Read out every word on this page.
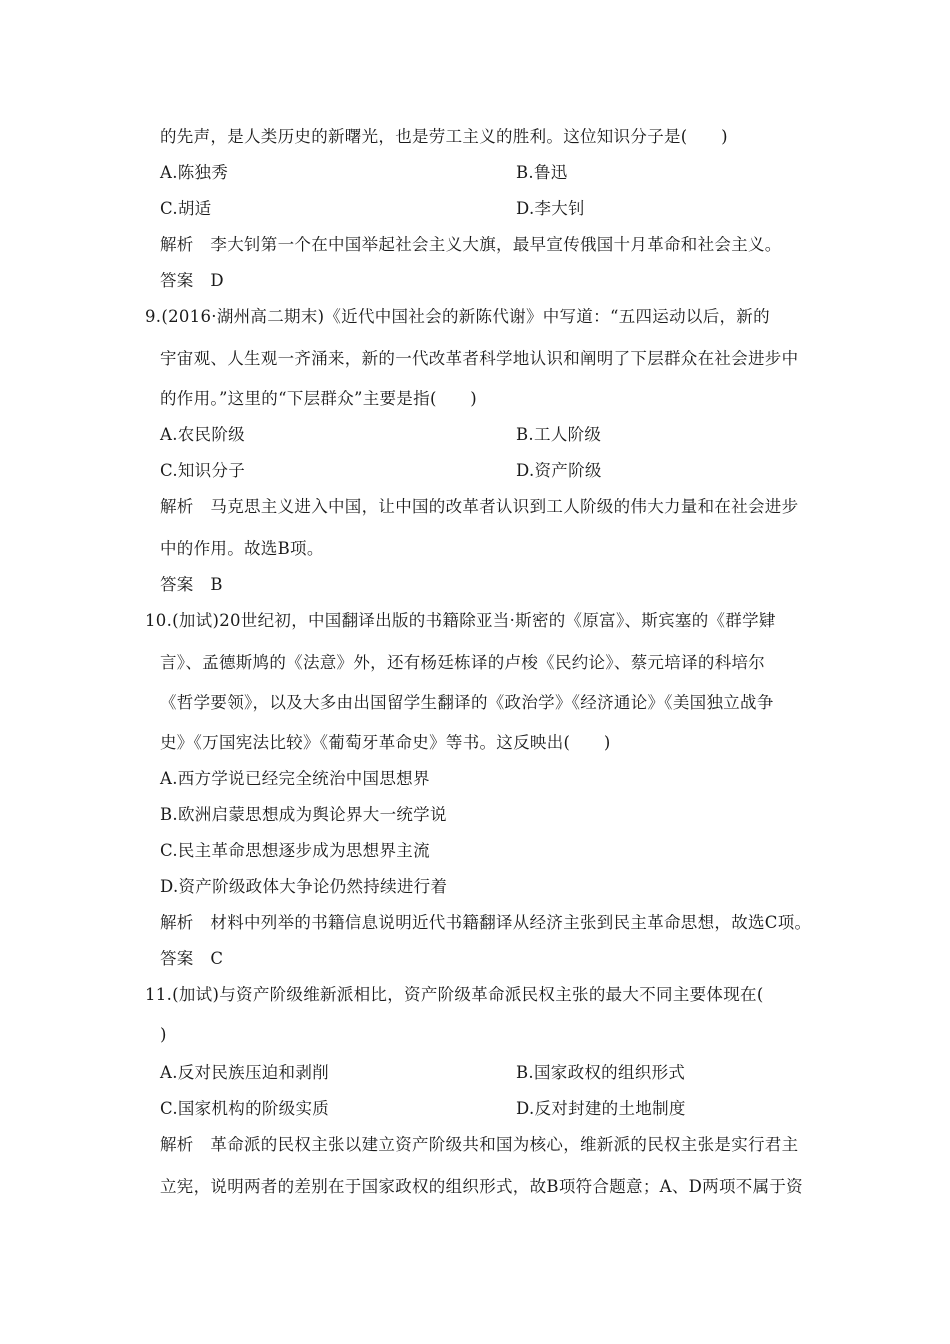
的先声，是人类历史的新曙光，也是劳工主义的胜利。这位知识分子是(　　)
A.陈独秀	B.鲁迅
C.胡适	D.李大钊
解析　李大钊第一个在中国举起社会主义大旗，最早宣传俄国十月革命和社会主义。
答案　D
9.(2016·湖州高二期末)《近代中国社会的新陈代谢》中写道：“五四运动以后，新的
宇宙观、人生观一齐涌来，新的一代改革者科学地认识和阐明了下层群众在社会进步中
的作用。”这里的“下层群众”主要是指(　　)
A.农民阶级	B.工人阶级
C.知识分子	D.资产阶级
解析　马克思主义进入中国，让中国的改革者认识到工人阶级的伟大力量和在社会进步
中的作用。故选B项。
答案　B
10.(加试)20世纪初，中国翻译出版的书籍除亚当·斯密的《原富》、斯宾塞的《群学肄
言》、孟德斯鸠的《法意》外，还有杨廷栋译的卢梭《民约论》、蔡元培译的科培尔
《哲学要领》，以及大多由出国留学生翻译的《政治学》《经济通论》《美国独立战争
史》《万国宪法比较》《葡萄牙革命史》等书。这反映出(　　)
A.西方学说已经完全统治中国思想界
B.欧洲启蒙思想成为舆论界大一统学说
C.民主革命思想逐步成为思想界主流
D.资产阶级政体大争论仍然持续进行着
解析　材料中列举的书籍信息说明近代书籍翻译从经济主张到民主革命思想，故选C项。
答案　C
11.(加试)与资产阶级维新派相比，资产阶级革命派民权主张的最大不同主要体现在(
)
A.反对民族压迫和剥削	B.国家政权的组织形式
C.国家机构的阶级实质	D.反对封建的土地制度
解析　革命派的民权主张以建立资产阶级共和国为核心，维新派的民权主张是实行君主
立宪，说明两者的差别在于国家政权的组织形式，故B项符合题意；A、D两项不属于资
